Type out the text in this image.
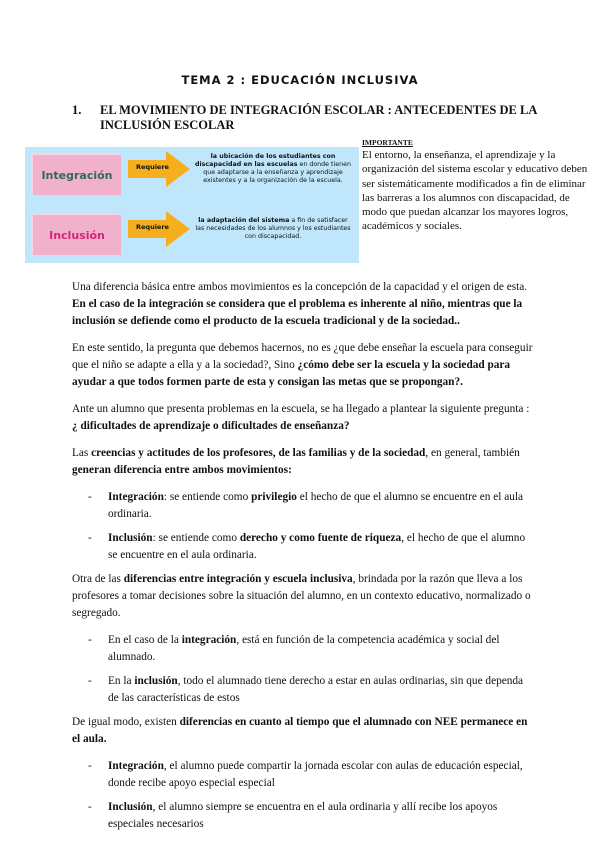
TEMA 2 : EDUCACIÓN INCLUSIVA
1. EL MOVIMIENTO DE INTEGRACIÓN ESCOLAR : ANTECEDENTES DE LA INCLUSIÓN ESCOLAR
Integración
Requiere
la ubicación de los estudiantes con discapacidad en las escuelas en donde tienen que adaptarse a la enseñanza y aprendizaje existentes y a la organización de la escuela.
Inclusión
Requiere
la adaptación del sistema a fin de satisfacer las necesidades de los alumnos y los estudiantes con discapacidad.
IMPORTANTE
El entorno, la enseñanza, el aprendizaje y la organización del sistema escolar y educativo deben ser sistemáticamente modificados a fin de eliminar las barreras a los alumnos con discapacidad, de modo que puedan alcanzar los mayores logros, académicos y sociales.
Una diferencia básica entre ambos movimientos es la concepción de la capacidad y el origen de esta. En el caso de la integración se considera que el problema es inherente al niño, mientras que la inclusión se defiende como el producto de la escuela tradicional y de la sociedad..
En este sentido, la pregunta que debemos hacernos, no es ¿que debe enseñar la escuela para conseguir que el niño se adapte a ella y a la sociedad?, Sino ¿cómo debe ser la escuela y la sociedad para ayudar a que todos formen parte de esta y consigan las metas que se propongan?.
Ante un alumno que presenta problemas en la escuela, se ha llegado a plantear la siguiente pregunta : ¿ dificultades de aprendizaje o dificultades de enseñanza?
Las creencias y actitudes de los profesores, de las familias y de la sociedad, en general, también generan diferencia entre ambos movimientos:
- Integración: se entiende como privilegio el hecho de que el alumno se encuentre en el aula ordinaria.
- Inclusión: se entiende como derecho y como fuente de riqueza, el hecho de que el alumno se encuentre en el aula ordinaria.
Otra de las diferencias entre integración y escuela inclusiva, brindada por la razón que lleva a los profesores a tomar decisiones sobre la situación del alumno, en un contexto educativo, normalizado o segregado.
- En el caso de la integración, está en función de la competencia académica y social del alumnado.
- En la inclusión, todo el alumnado tiene derecho a estar en aulas ordinarias, sin que dependa de las características de estos
De igual modo, existen diferencias en cuanto al tiempo que el alumnado con NEE permanece en el aula.
- Integración, el alumno puede compartir la jornada escolar con aulas de educación especial, donde recibe apoyo especial especial
- Inclusión, el alumno siempre se encuentra en el aula ordinaria y allí recibe los apoyos especiales necesarios
